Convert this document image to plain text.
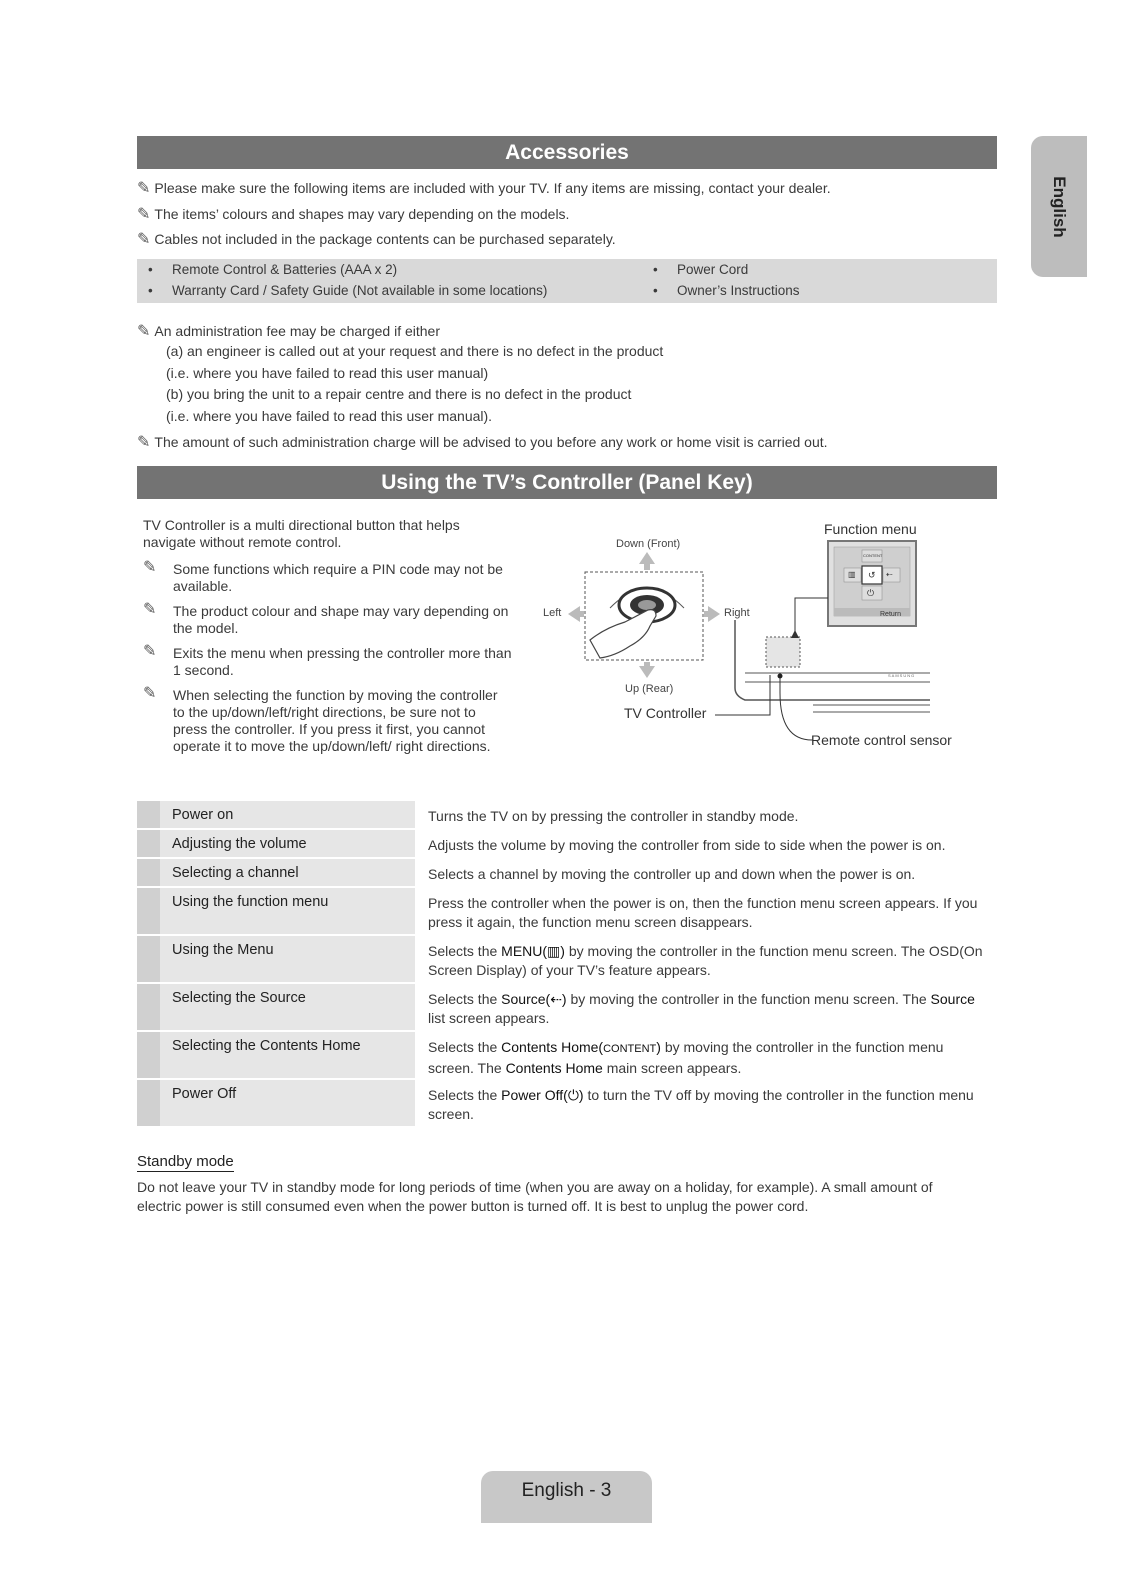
English
Accessories
✎ Please make sure the following items are included with your TV. If any items are missing, contact your dealer.
✎ The items’ colours and shapes may vary depending on the models.
✎ Cables not included in the package contents can be purchased separately.
• Remote Control & Batteries (AAA x 2)
• Warranty Card / Safety Guide (Not available in some locations)
• Power Cord
• Owner’s Instructions
✎ An administration fee may be charged if either
(a) an engineer is called out at your request and there is no defect in the product
(i.e. where you have failed to read this user manual)
(b) you bring the unit to a repair centre and there is no defect in the product
(i.e. where you have failed to read this user manual).
✎ The amount of such administration charge will be advised to you before any work or home visit is carried out.
Using the TV’s Controller (Panel Key)
TV Controller is a multi directional button that helps navigate without remote control.
✎	Some functions which require a PIN code may not be available.
✎	The product colour and shape may vary depending on the model.
✎	Exits the menu when pressing the controller more than 1 second.
✎	When selecting the function by moving the controller to the up/down/left/right directions, be sure not to press the controller. If you press it first, you cannot operate it to move the up/down/left/ right directions.
Down (Front)
Up (Rear)
Left	Right
TV Controller
Function menu
Remote control sensor
CONTENT
Return
SAMSUNG
▥ ↺ ⇠
⏻
Power on	Turns the TV on by pressing the controller in standby mode.
Adjusting the volume	Adjusts the volume by moving the controller from side to side when the power is on.
Selecting a channel	Selects a channel by moving the controller up and down when the power is on.
Using the function menu	Press the controller when the power is on, then the function menu screen appears. If you press it again, the function menu screen disappears.
Using the Menu	Selects the MENU(▥) by moving the controller in the function menu screen. The OSD(On Screen Display) of your TV’s feature appears.
Selecting the Source	Selects the Source(⇠) by moving the controller in the function menu screen. The Source list screen appears.
Selecting the Contents Home	Selects the Contents Home(CONTENT) by moving the controller in the function menu screen. The Contents Home main screen appears.
Power Off	Selects the Power Off(⏻) to turn the TV off by moving the controller in the function menu screen.
Standby mode
Do not leave your TV in standby mode for long periods of time (when you are away on a holiday, for example). A small amount of electric power is still consumed even when the power button is turned off. It is best to unplug the power cord.
English - 3
